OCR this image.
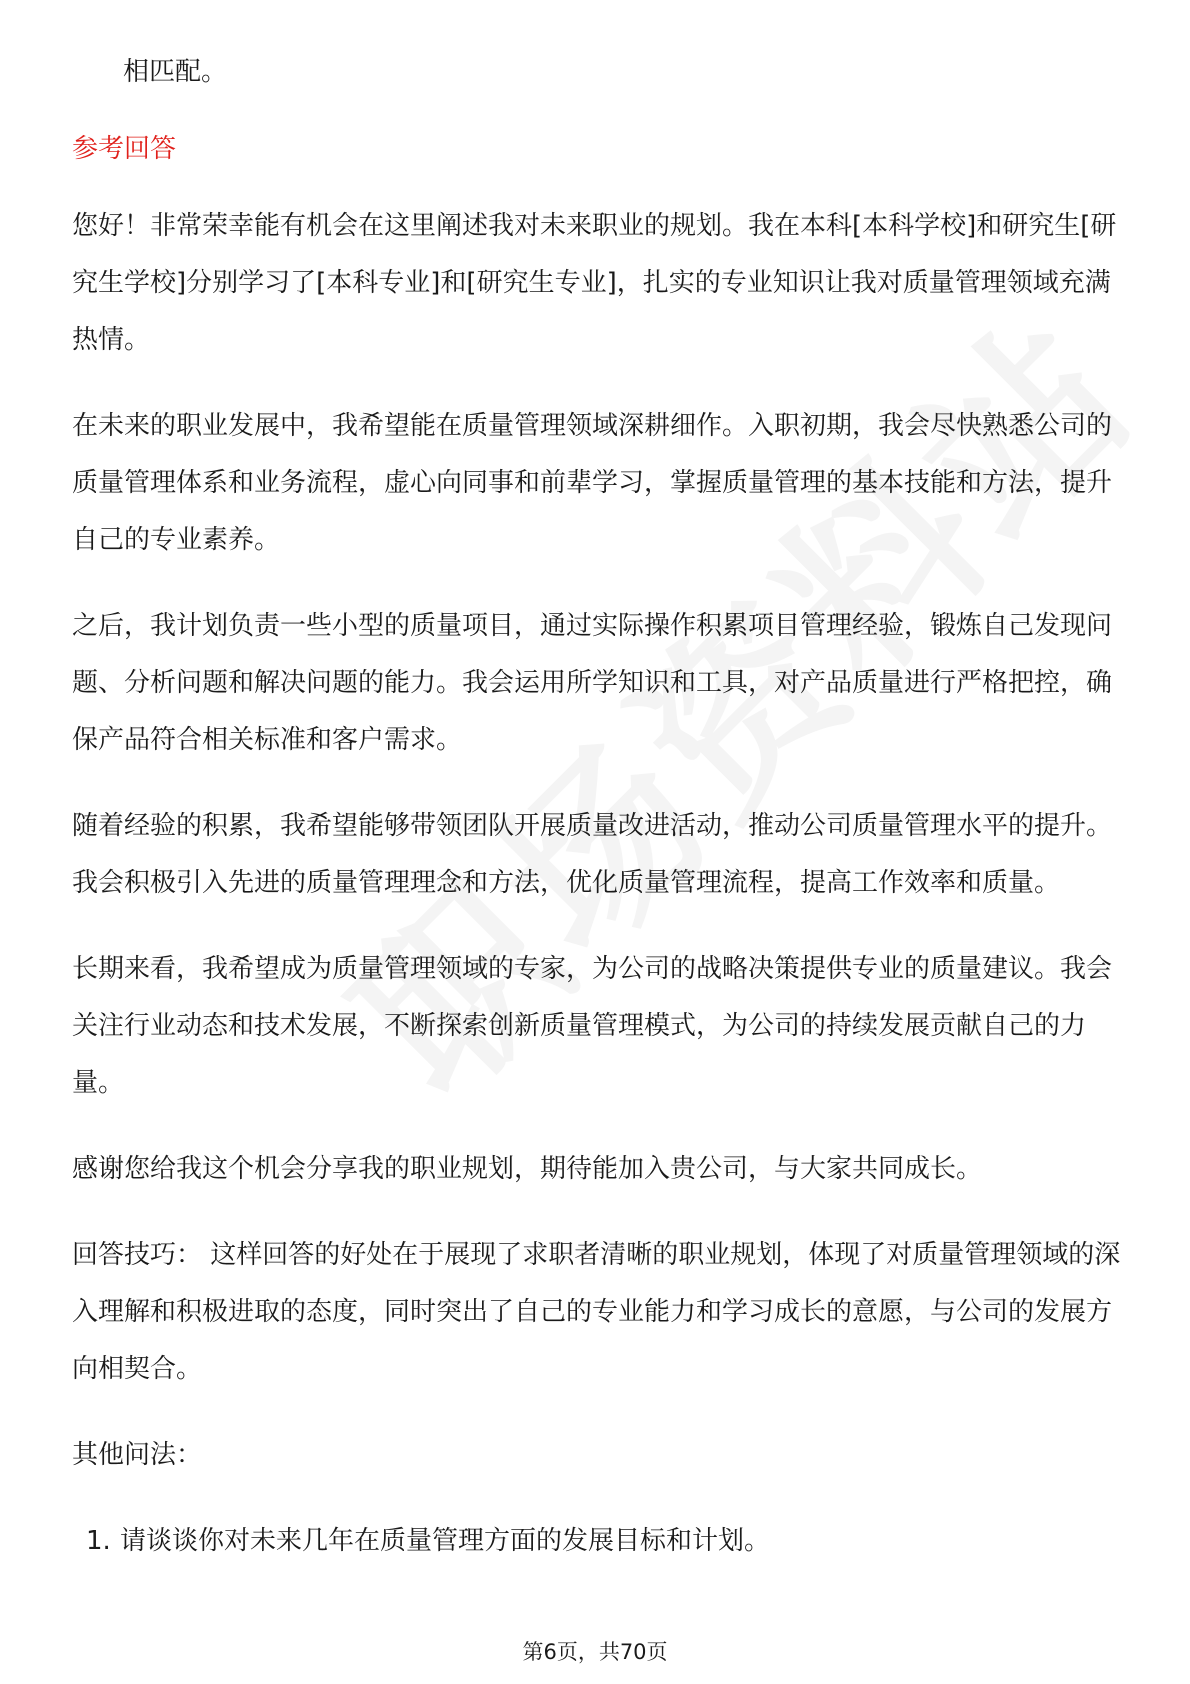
相匹配。

参考回答

您好！非常荣幸能有机会在这里阐述我对未来职业的规划。我在本科[本科学校]和研究生[研究生学校]分别学习了[本科专业]和[研究生专业]，扎实的专业知识让我对质量管理领域充满热情。

在未来的职业发展中，我希望能在质量管理领域深耕细作。入职初期，我会尽快熟悉公司的质量管理体系和业务流程，虚心向同事和前辈学习，掌握质量管理的基本技能和方法，提升自己的专业素养。

之后，我计划负责一些小型的质量项目，通过实际操作积累项目管理经验，锻炼自己发现问题、分析问题和解决问题的能力。我会运用所学知识和工具，对产品质量进行严格把控，确保产品符合相关标准和客户需求。

随着经验的积累，我希望能够带领团队开展质量改进活动，推动公司质量管理水平的提升。我会积极引入先进的质量管理理念和方法，优化质量管理流程，提高工作效率和质量。

长期来看，我希望成为质量管理领域的专家，为公司的战略决策提供专业的质量建议。我会关注行业动态和技术发展，不断探索创新质量管理模式，为公司的持续发展贡献自己的力量。

感谢您给我这个机会分享我的职业规划，期待能加入贵公司，与大家共同成长。

回答技巧： 这样回答的好处在于展现了求职者清晰的职业规划，体现了对质量管理领域的深入理解和积极进取的态度，同时突出了自己的专业能力和学习成长的意愿，与公司的发展方向相契合。

其他问法：

1. 请谈谈你对未来几年在质量管理方面的发展目标和计划。
第6页，共70页
